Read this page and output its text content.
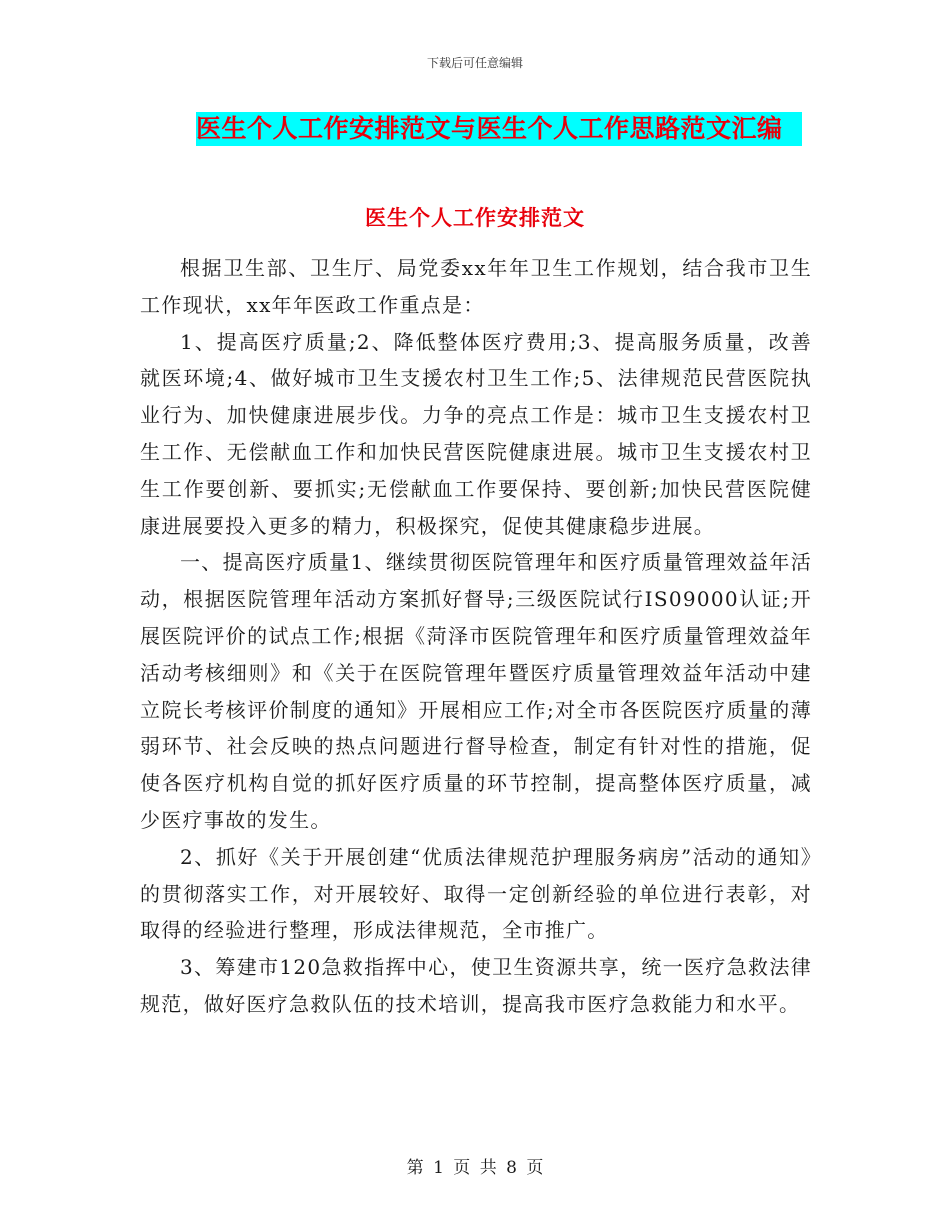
下载后可任意编辑
医生个人工作安排范文与医生个人工作思路范文汇编
医生个人工作安排范文

根据卫生部、卫生厅、局党委xx年年卫生工作规划，结合我市卫生工作现状，xx年年医政工作重点是：

1、提高医疗质量;2、降低整体医疗费用;3、提高服务质量，改善就医环境;4、做好城市卫生支援农村卫生工作;5、法律规范民营医院执业行为、加快健康进展步伐。力争的亮点工作是：城市卫生支援农村卫生工作、无偿献血工作和加快民营医院健康进展。城市卫生支援农村卫生工作要创新、要抓实;无偿献血工作要保持、要创新;加快民营医院健康进展要投入更多的精力，积极探究，促使其健康稳步进展。

一、提高医疗质量1、继续贯彻医院管理年和医疗质量管理效益年活动，根据医院管理年活动方案抓好督导;三级医院试行IS09000认证;开展医院评价的试点工作;根据《菏泽市医院管理年和医疗质量管理效益年活动考核细则》和《关于在医院管理年暨医疗质量管理效益年活动中建立院长考核评价制度的通知》开展相应工作;对全市各医院医疗质量的薄弱环节、社会反映的热点问题进行督导检查，制定有针对性的措施，促使各医疗机构自觉的抓好医疗质量的环节控制，提高整体医疗质量，减少医疗事故的发生。

2、抓好《关于开展创建“优质法律规范护理服务病房”活动的通知》的贯彻落实工作，对开展较好、取得一定创新经验的单位进行表彰，对取得的经验进行整理，形成法律规范，全市推广。

3、筹建市120急救指挥中心，使卫生资源共享，统一医疗急救法律规范，做好医疗急救队伍的技术培训，提高我市医疗急救能力和水平。

第 1 页 共 8 页
